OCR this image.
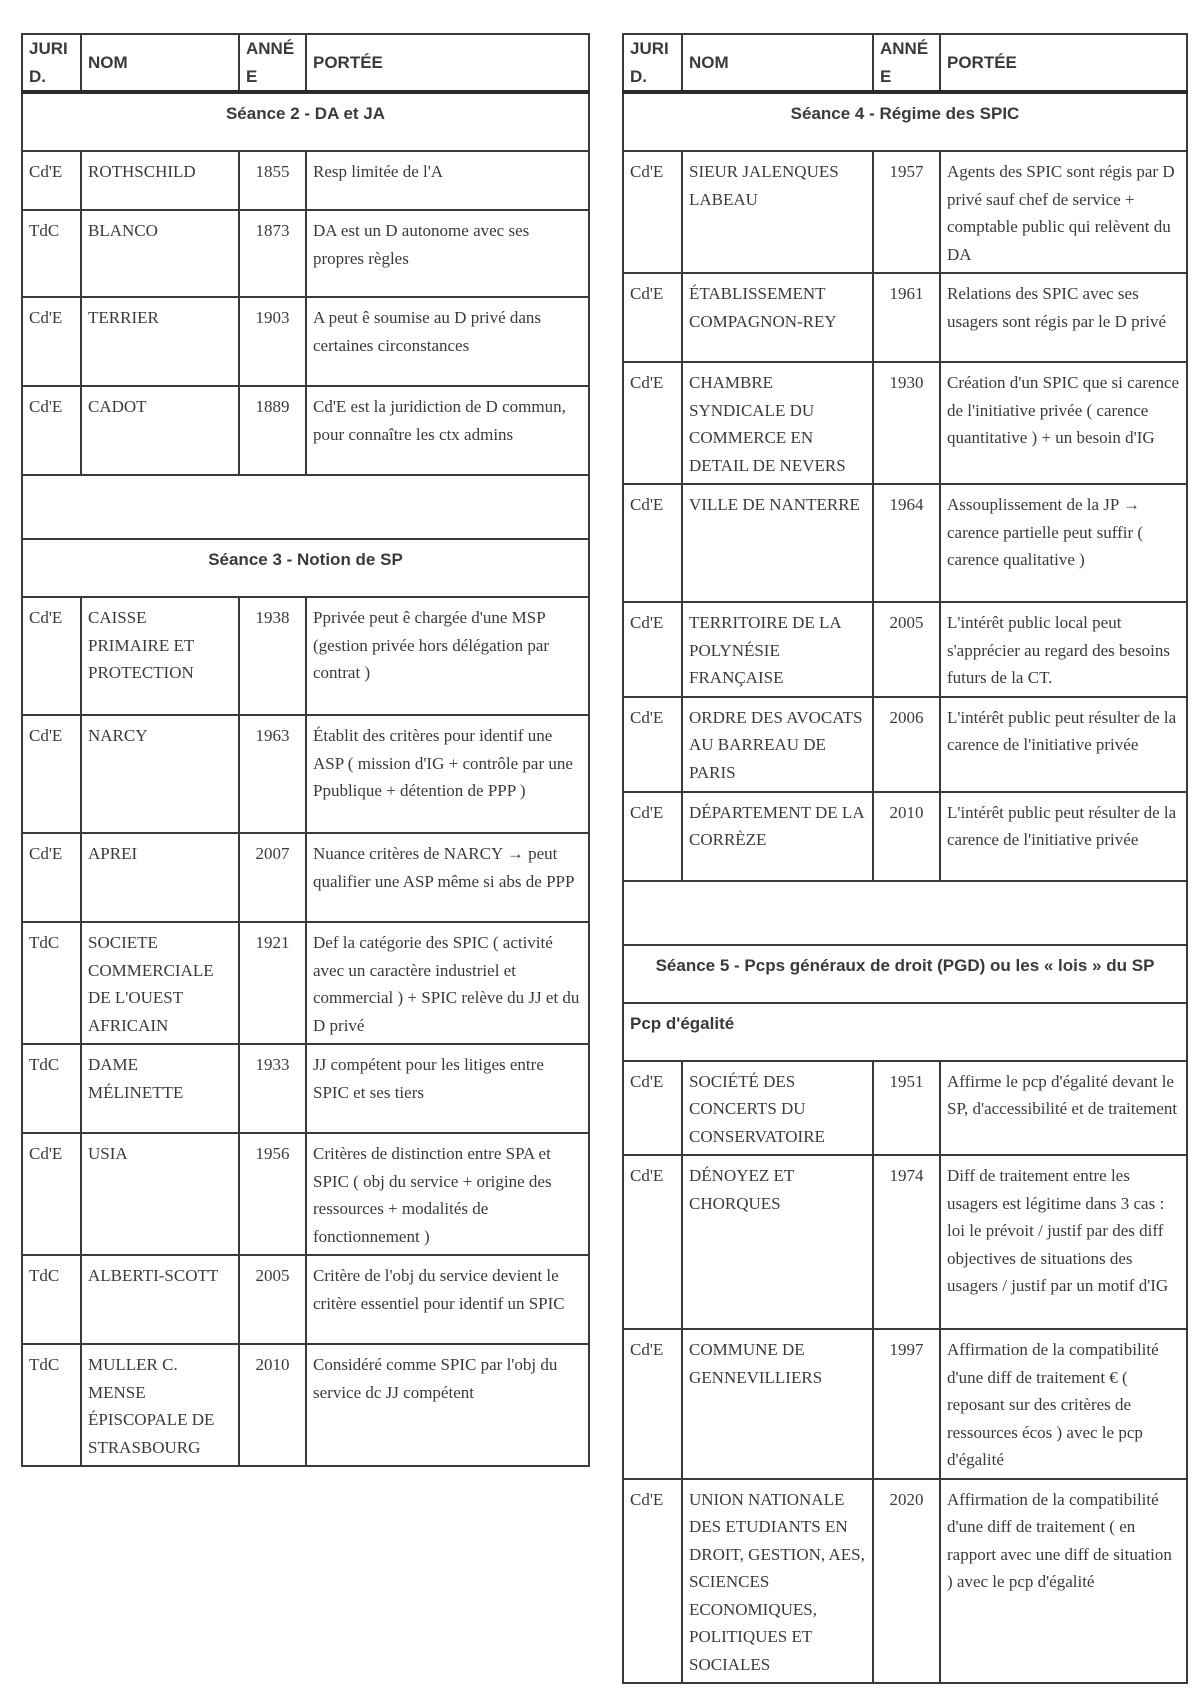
JURID.	NOM	ANNÉE	PORTÉE
Séance 2 - DA et JA			
Cd'E	ROTHSCHILD	1855	Resp limitée de l'A
TdC	BLANCO	1873	DA est un D autonome avec ses propres règles
Cd'E	TERRIER	1903	A peut ê soumise au D privé dans certaines circonstances
Cd'E	CADOT	1889	Cd'E est la juridiction de D commun, pour connaître les ctx admins

Séance 3 - Notion de SP			
Cd'E	CAISSE PRIMAIRE ET PROTECTION	1938	Pprivée peut ê chargée d'une MSP (gestion privée hors délégation par contrat )
Cd'E	NARCY	1963	Établit des critères pour identif une ASP ( mission d'IG + contrôle par une Ppublique + détention de PPP )
Cd'E	APREI	2007	Nuance critères de NARCY → peut qualifier une ASP même si abs de PPP
TdC	SOCIETE COMMERCIALE DE L'OUEST AFRICAIN	1921	Def la catégorie des SPIC ( activité avec un caractère industriel et commercial ) + SPIC relève du JJ et du D privé
TdC	DAME MÉLINETTE	1933	JJ compétent pour les litiges entre SPIC et ses tiers
Cd'E	USIA	1956	Critères de distinction entre SPA et SPIC ( obj du service + origine des ressources + modalités de fonctionnement )
TdC	ALBERTI-SCOTT	2005	Critère de l'obj du service devient le critère essentiel pour identif un SPIC
TdC	MULLER C. MENSE ÉPISCOPALE DE STRASBOURG	2010	Considéré comme SPIC par l'obj du service dc JJ compétent
JURID.	NOM	ANNÉE	PORTÉE
Séance 4 - Régime des SPIC			
Cd'E	SIEUR JALENQUES LABEAU	1957	Agents des SPIC sont régis par D privé sauf chef de service + comptable public qui relèvent du DA
Cd'E	ÉTABLISSEMENT COMPAGNON-REY	1961	Relations des SPIC avec ses usagers sont régis par le D privé
Cd'E	CHAMBRE SYNDICALE DU COMMERCE EN DETAIL DE NEVERS	1930	Création d'un SPIC que si carence de l'initiative privée ( carence quantitative ) + un besoin d'IG
Cd'E	VILLE DE NANTERRE	1964	Assouplissement de la JP → carence partielle peut suffir ( carence qualitative )
Cd'E	TERRITOIRE DE LA POLYNÉSIE FRANÇAISE	2005	L'intérêt public local peut s'apprécier au regard des besoins futurs de la CT.
Cd'E	ORDRE DES AVOCATS AU BARREAU DE PARIS	2006	L'intérêt public peut résulter de la carence de l'initiative privée
Cd'E	DÉPARTEMENT DE LA CORRÈZE	2010	L'intérêt public peut résulter de la carence de l'initiative privée

Séance 5 - Pcps généraux de droit (PGD) ou les « lois » du SP			
Pcp d'égalité			
Cd'E	SOCIÉTÉ DES CONCERTS DU CONSERVATOIRE	1951	Affirme le pcp d'égalité devant le SP, d'accessibilité et de traitement
Cd'E	DÉNOYEZ ET CHORQUES	1974	Diff de traitement entre les usagers est légitime dans 3 cas : loi le prévoit / justif par des diff objectives de situations des usagers / justif par un motif d'IG
Cd'E	COMMUNE DE GENNEVILLIERS	1997	Affirmation de la compatibilité d'une diff de traitement € ( reposant sur des critères de ressources écos ) avec le pcp d'égalité
Cd'E	UNION NATIONALE DES ETUDIANTS EN DROIT, GESTION, AES, SCIENCES ECONOMIQUES, POLITIQUES ET SOCIALES	2020	Affirmation de la compatibilité d'une diff de traitement ( en rapport avec une diff de situation ) avec le pcp d'égalité
